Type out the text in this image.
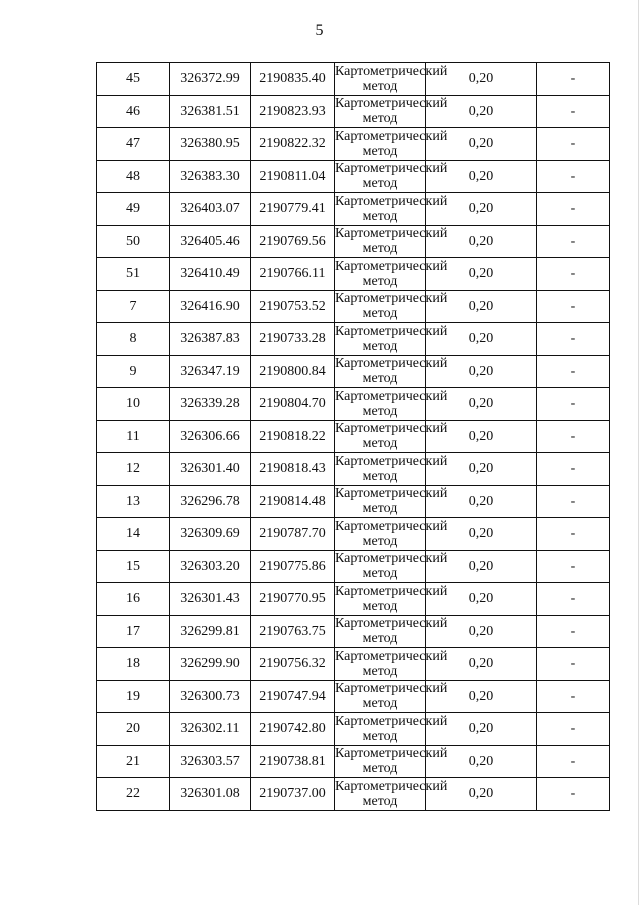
5
45	326372.99	2190835.40	Картометрический метод	0,20	-
46	326381.51	2190823.93	Картометрический метод	0,20	-
47	326380.95	2190822.32	Картометрический метод	0,20	-
48	326383.30	2190811.04	Картометрический метод	0,20	-
49	326403.07	2190779.41	Картометрический метод	0,20	-
50	326405.46	2190769.56	Картометрический метод	0,20	-
51	326410.49	2190766.11	Картометрический метод	0,20	-
7	326416.90	2190753.52	Картометрический метод	0,20	-
8	326387.83	2190733.28	Картометрический метод	0,20	-
9	326347.19	2190800.84	Картометрический метод	0,20	-
10	326339.28	2190804.70	Картометрический метод	0,20	-
11	326306.66	2190818.22	Картометрический метод	0,20	-
12	326301.40	2190818.43	Картометрический метод	0,20	-
13	326296.78	2190814.48	Картометрический метод	0,20	-
14	326309.69	2190787.70	Картометрический метод	0,20	-
15	326303.20	2190775.86	Картометрический метод	0,20	-
16	326301.43	2190770.95	Картометрический метод	0,20	-
17	326299.81	2190763.75	Картометрический метод	0,20	-
18	326299.90	2190756.32	Картометрический метод	0,20	-
19	326300.73	2190747.94	Картометрический метод	0,20	-
20	326302.11	2190742.80	Картометрический метод	0,20	-
21	326303.57	2190738.81	Картометрический метод	0,20	-
22	326301.08	2190737.00	Картометрический метод	0,20	-
